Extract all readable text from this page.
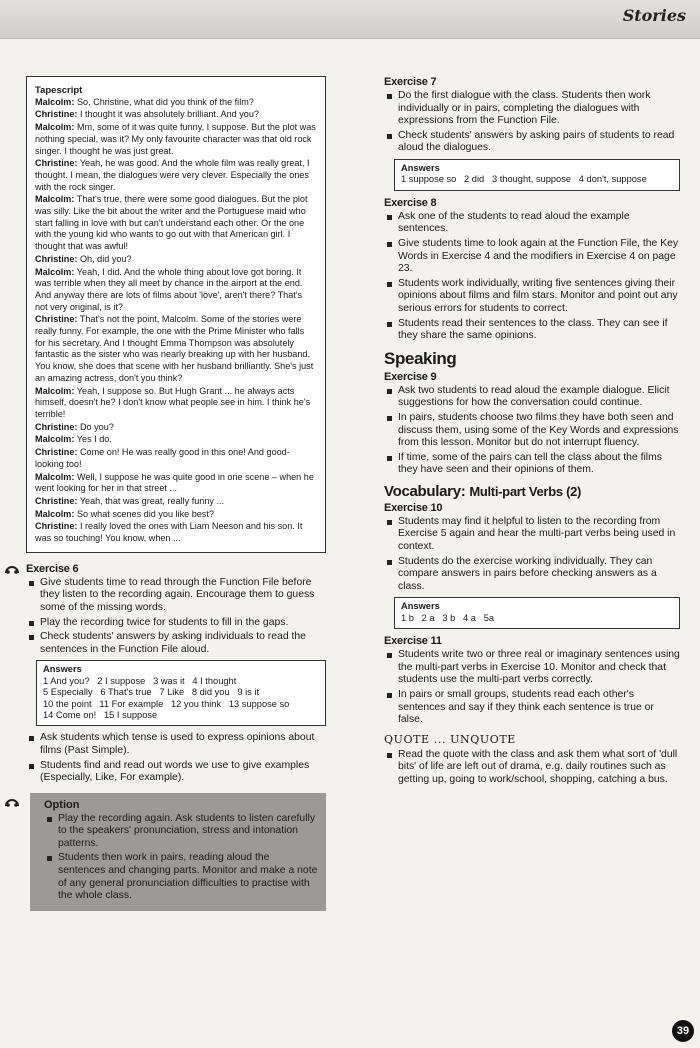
Stories
Tapescript

Malcolm: So, Christine, what did you think of the film?

Christine: I thought it was absolutely brilliant. And you?

Malcolm: Mm, some of it was quite funny, I suppose. But the plot was nothing special, was it? My only favourite character was that old rock singer. I thought he was just great.

Christine: Yeah, he was good. And the whole film was really great, I thought. I mean, the dialogues were very clever. Especially the ones with the rock singer.

Malcolm: That's true, there were some good dialogues. But the plot was silly. Like the bit about the writer and the Portuguese maid who start falling in love with but can't understand each other. Or the one with the young kid who wants to go out with that American girl. I thought that was awful!

Christine: Oh, did you?

Malcolm: Yeah, I did. And the whole thing about love got boring. It was terrible when they all meet by chance in the airport at the end. And anyway there are lots of films about 'love', aren't there? That's not very original, is it?

Christine: That's not the point, Malcolm. Some of the stories were really funny. For example, the one with the Prime Minister who falls for his secretary. And I thought Emma Thompson was absolutely fantastic as the sister who was nearly breaking up with her husband. You know, she does that scene with her husband brilliantly. She's just an amazing actress, don't you think?

Malcolm: Yeah, I suppose so. But Hugh Grant ... he always acts himself, doesn't he? I don't know what people see in him. I think he's terrible!

Christine: Do you?

Malcolm: Yes I do.

Christine: Come on! He was really good in this one! And good-looking too!

Malcolm: Well, I suppose he was quite good in one scene – when he went looking for her in that street ...

Christine: Yeah, that was great, really funny ...

Malcolm: So what scenes did you like best?

Christine: I really loved the ones with Liam Neeson and his son. It was so touching! You know, when ...

Exercise 6
Give students time to read through the Function File before they listen to the recording again. Encourage them to guess some of the missing words.
Play the recording twice for students to fill in the gaps.
Check students' answers by asking individuals to read the sentences in the Function File aloud.
Answers
1 And you?   2 I suppose   3 was it   4 I thought
5 Especially   6 That's true   7 Like   8 did you   9 is it
10 the point   11 For example   12 you think   13 suppose so
14 Come on!   15 I suppose
Ask students which tense is used to express opinions about films (Past Simple).
Students find and read out words we use to give examples (Especially, Like, For example).
Option
Play the recording again. Ask students to listen carefully to the speakers' pronunciation, stress and intonation patterns.
Students then work in pairs, reading aloud the sentences and changing parts. Monitor and make a note of any general pronunciation difficulties to practise with the whole class.
Exercise 7
Do the first dialogue with the class. Students then work individually or in pairs, completing the dialogues with expressions from the Function File.
Check students' answers by asking pairs of students to read aloud the dialogues.
Answers
1 suppose so   2 did   3 thought, suppose   4 don't, suppose
Exercise 8
Ask one of the students to read aloud the example sentences.
Give students time to look again at the Function File, the Key Words in Exercise 4 and the modifiers in Exercise 4 on page 23.
Students work individually, writing five sentences giving their opinions about films and film stars. Monitor and point out any serious errors for students to correct.
Students read their sentences to the class. They can see if they share the same opinions.
Speaking
Exercise 9
Ask two students to read aloud the example dialogue. Elicit suggestions for how the conversation could continue.
In pairs, students choose two films they have both seen and discuss them, using some of the Key Words and expressions from this lesson. Monitor but do not interrupt fluency.
If time, some of the pairs can tell the class about the films they have seen and their opinions of them.
Vocabulary: Multi-part Verbs (2)
Exercise 10
Students may find it helpful to listen to the recording from Exercise 5 again and hear the multi-part verbs being used in context.
Students do the exercise working individually. They can compare answers in pairs before checking answers as a class.
Answers
1 b   2 a   3 b   4 a   5a
Exercise 11
Students write two or three real or imaginary sentences using the multi-part verbs in Exercise 10. Monitor and check that students use the multi-part verbs correctly.
In pairs or small groups, students read each other's sentences and say if they think each sentence is true or false.
QUOTE ... UNQUOTE
Read the quote with the class and ask them what sort of 'dull bits' of life are left out of drama, e.g. daily routines such as getting up, going to work/school, shopping, catching a bus.
39
